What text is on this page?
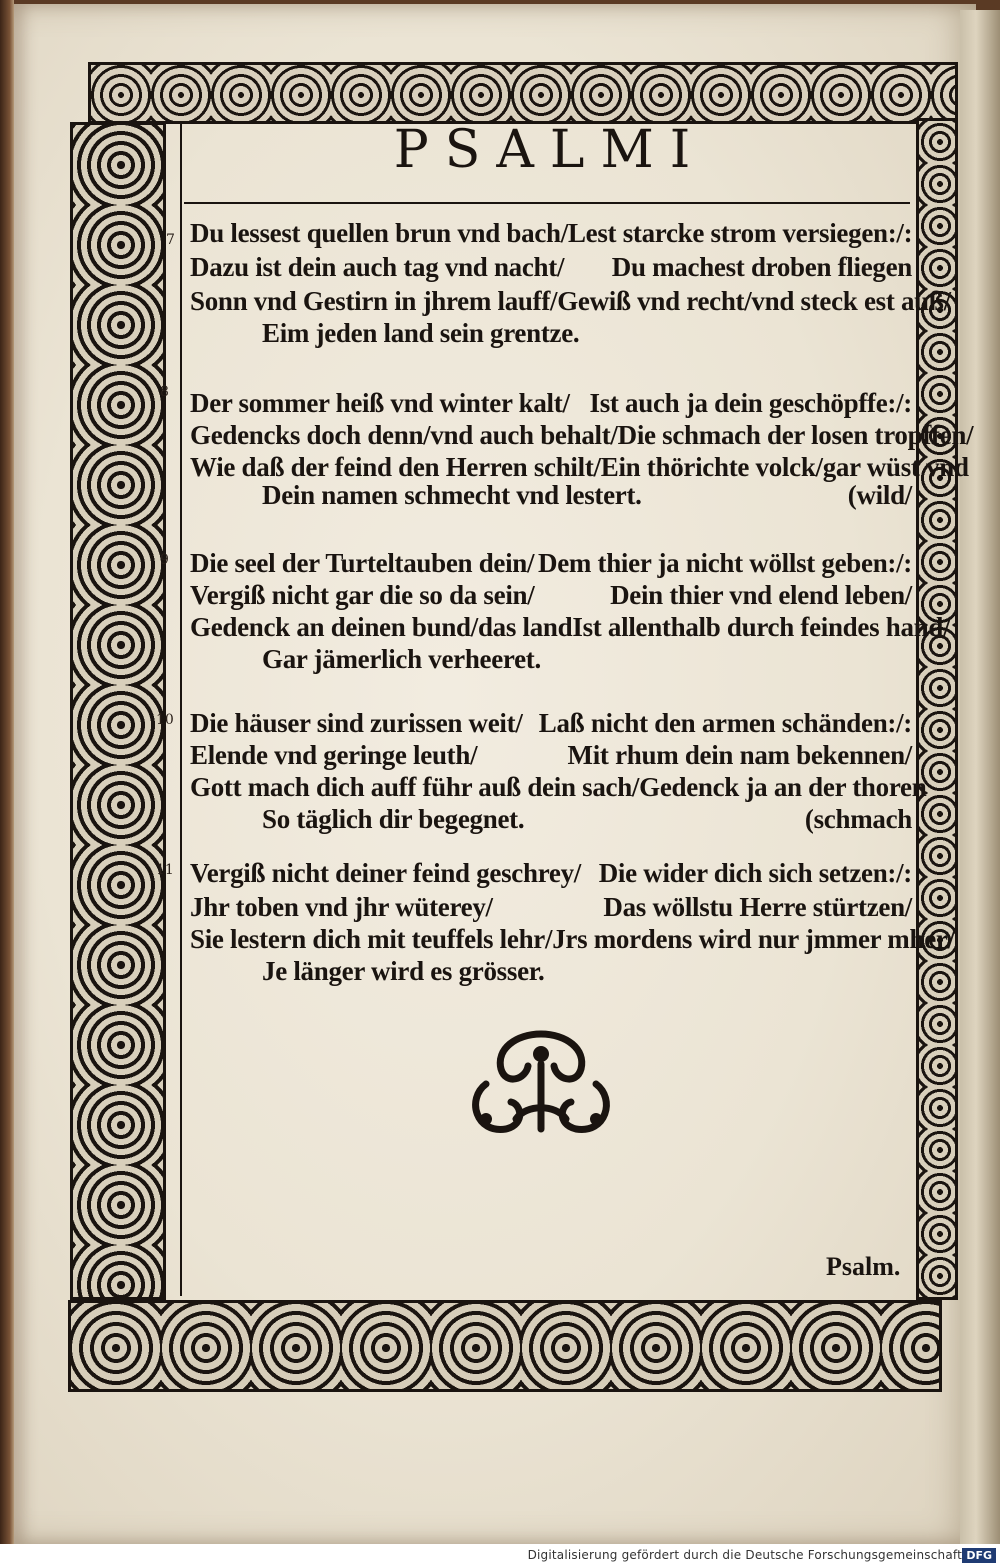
PSALMI
7 Du lessest quellen brun vnd bach/ Lest starcke strom versiegen:/:
Dazu ist dein auch tag vnd nacht/ Du machest droben fliegen
Sonn vnd Gestirn in jhrem lauff/ Gewiß vnd recht/vnd steck est auß/
Eim jeden land sein grentze.
8 Der sommer heiß vnd winter kalt/ Ist auch ja dein geschöpffe:/:
Gedencks doch denn/vnd auch behalt/ Die schmach der losen tropffen/
Wie daß der feind den Herren schilt/ Ein thörichte volck/gar wüst vnd
Dein namen schmecht vnd lestert.	(wild/
9 Die seel der Turteltauben dein/ Dem thier ja nicht wöllst geben:/:
Vergiß nicht gar die so da sein/	Dein thier vnd elend leben/
Gedenck an deinen bund/das land Ist allenthalb durch feindes hand/
Gar jämerlich verheeret.
10 Die häuser sind zurissen weit/ Laß nicht den armen schänden:/:
Elende vnd geringe leuth/	Mit rhum dein nam bekennen/
Gott mach dich auff führ auß dein sach/ Gedenck ja an der thoren
So täglich dir begegnet.	(schmach
11 Vergiß nicht deiner feind geschrey/ Die wider dich sich setzen:/:
Jhr toben vnd jhr wüterey/	Das wöllstu Herre stürtzen/
Sie lestern dich mit teuffels lehr/ Jrs mordens wird nur jmmer mher/
Je länger wird es grösser.
Psalm.
Digitalisierung gefördert durch die Deutsche Forschungsgemeinschaft DFG
